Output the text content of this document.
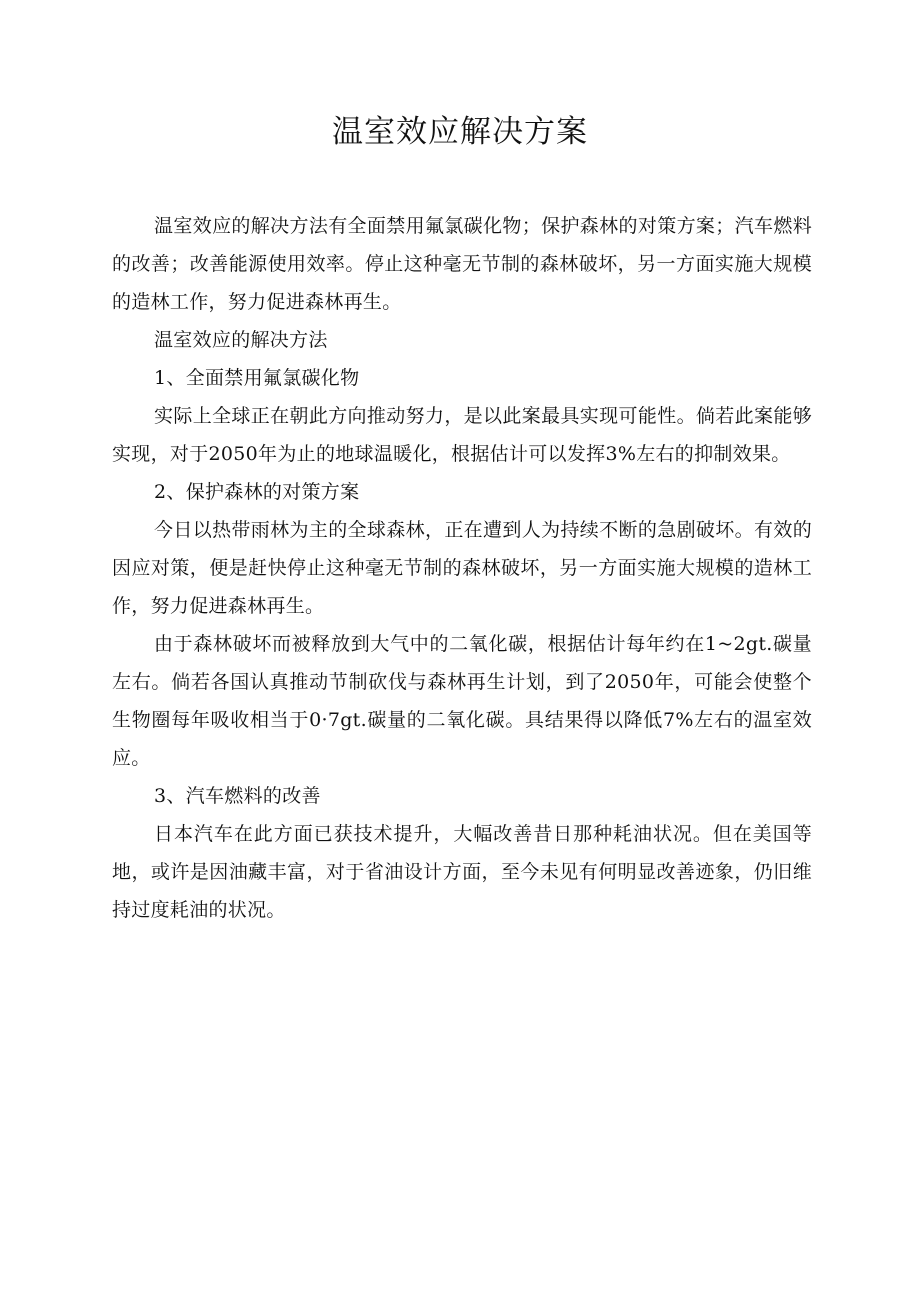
温室效应解决方案

温室效应的解决方法有全面禁用氟氯碳化物；保护森林的对策方案；汽车燃料的改善；改善能源使用效率。停止这种毫无节制的森林破坏，另一方面实施大规模的造林工作，努力促进森林再生。

温室效应的解决方法

1、全面禁用氟氯碳化物

实际上全球正在朝此方向推动努力，是以此案最具实现可能性。倘若此案能够实现，对于2050年为止的地球温暖化，根据估计可以发挥3%左右的抑制效果。

2、保护森林的对策方案

今日以热带雨林为主的全球森林，正在遭到人为持续不断的急剧破坏。有效的因应对策，便是赶快停止这种毫无节制的森林破坏，另一方面实施大规模的造林工作，努力促进森林再生。

由于森林破坏而被释放到大气中的二氧化碳，根据估计每年约在1~2gt.碳量左右。倘若各国认真推动节制砍伐与森林再生计划，到了2050年，可能会使整个生物圈每年吸收相当于0·7gt.碳量的二氧化碳。具结果得以降低7%左右的温室效应。

3、汽车燃料的改善

日本汽车在此方面已获技术提升，大幅改善昔日那种耗油状况。但在美国等地，或许是因油藏丰富，对于省油设计方面，至今未见有何明显改善迹象，仍旧维持过度耗油的状况。
